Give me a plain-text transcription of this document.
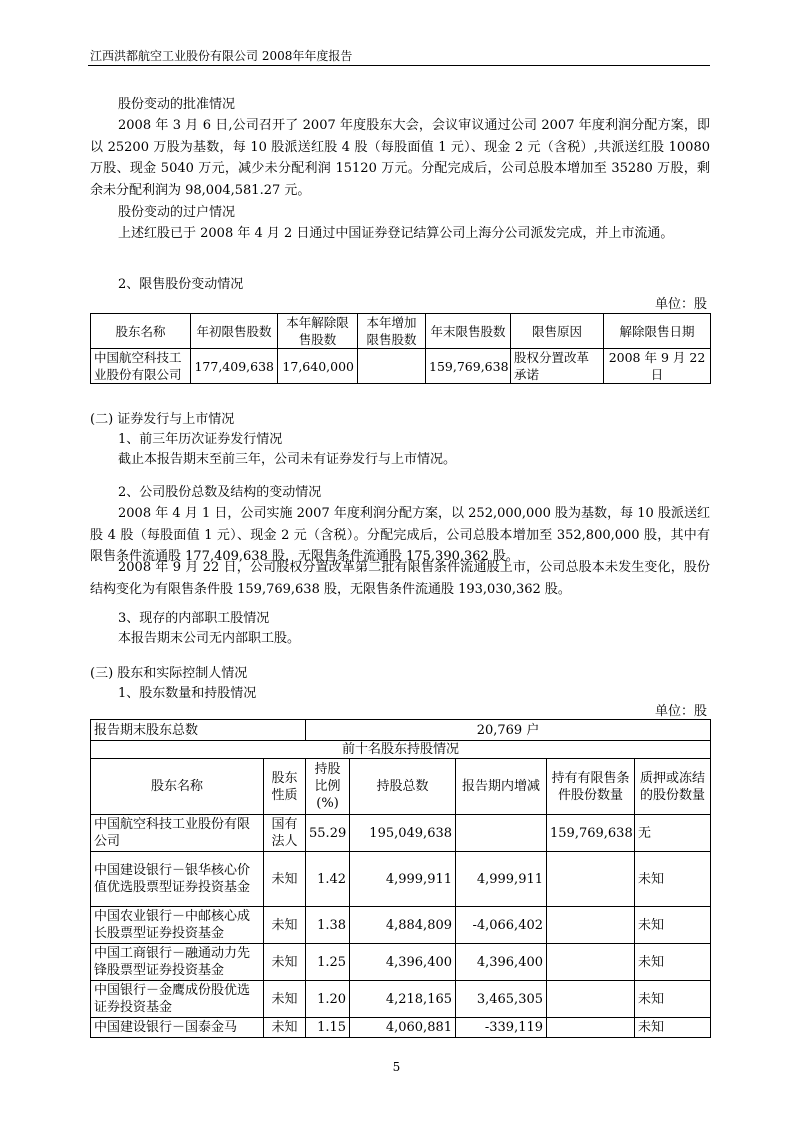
江西洪都航空工业股份有限公司 2008年年度报告
股份变动的批准情况
2008 年 3 月 6 日,公司召开了 2007 年度股东大会，会议审议通过公司 2007 年度利润分配方案，即以 25200 万股为基数，每 10 股派送红股 4 股（每股面值 1 元）、现金 2 元（含税）,共派送红股 10080 万股、现金 5040 万元，减少未分配利润 15120 万元。分配完成后，公司总股本增加至 35280 万股，剩余未分配利润为 98,004,581.27 元。
股份变动的过户情况
上述红股已于 2008 年 4 月 2 日通过中国证券登记结算公司上海分公司派发完成，并上市流通。
2、限售股份变动情况
单位：股
股东名称	年初限售股数	本年解除限售股数	本年增加限售股数	年末限售股数	限售原因	解除限售日期
中国航空科技工业股份有限公司	177,409,638	17,640,000		159,769,638	股权分置改革承诺	2008 年 9 月 22 日
(二) 证券发行与上市情况
1、前三年历次证券发行情况
截止本报告期末至前三年，公司未有证券发行与上市情况。
2、公司股份总数及结构的变动情况
2008 年 4 月 1 日，公司实施 2007 年度利润分配方案，以 252,000,000 股为基数，每 10 股派送红股 4 股（每股面值 1 元）、现金 2 元（含税）。分配完成后，公司总股本增加至 352,800,000 股，其中有限售条件流通股 177,409,638 股，无限售条件流通股 175,390,362 股。
2008 年 9 月 22 日，公司股权分置改革第二批有限售条件流通股上市，公司总股本未发生变化，股份结构变化为有限售条件股 159,769,638 股，无限售条件流通股 193,030,362 股。
3、现存的内部职工股情况
本报告期末公司无内部职工股。
(三) 股东和实际控制人情况
1、股东数量和持股情况
单位：股
报告期末股东总数		20,769 户				
前十名股东持股情况						
股东名称	股东性质	持股比例(%)	持股总数	报告期内增减	持有有限售条件股份数量	质押或冻结的股份数量
中国航空科技工业股份有限公司	国有法人	55.29	195,049,638		159,769,638	无
中国建设银行－银华核心价值优选股票型证券投资基金	未知	1.42	4,999,911	4,999,911		未知
中国农业银行－中邮核心成长股票型证券投资基金	未知	1.38	4,884,809	-4,066,402		未知
中国工商银行－融通动力先锋股票型证券投资基金	未知	1.25	4,396,400	4,396,400		未知
中国银行－金鹰成份股优选证券投资基金	未知	1.20	4,218,165	3,465,305		未知
中国建设银行－国泰金马	未知	1.15	4,060,881	-339,119		未知
5
